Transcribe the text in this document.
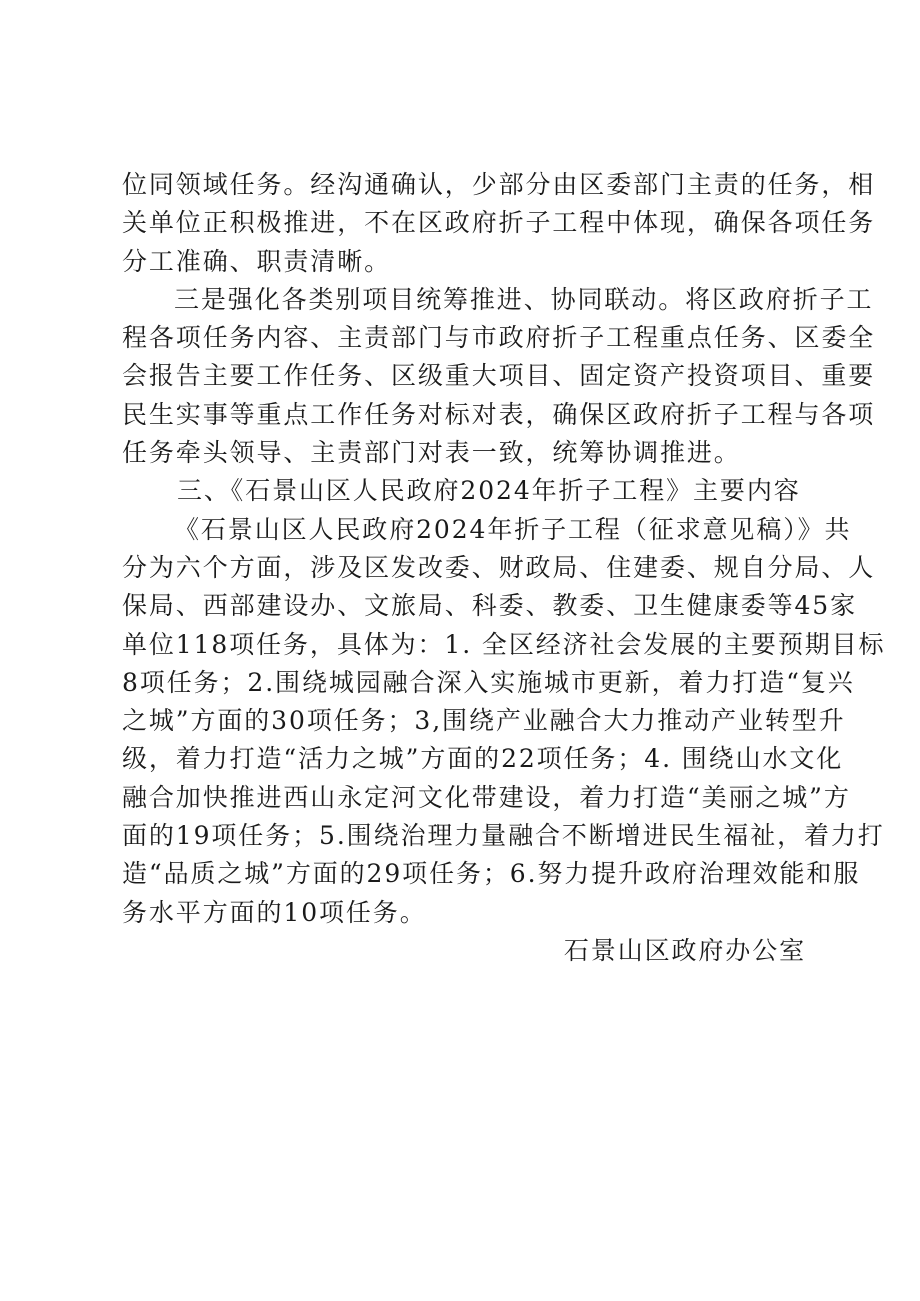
位同领域任务。经沟通确认，少部分由区委部门主责的任务，相
关单位正积极推进，不在区政府折子工程中体现，确保各项任务
分工准确、职责清晰。
三是强化各类别项目统筹推进、协同联动。将区政府折子工
程各项任务内容、主责部门与市政府折子工程重点任务、区委全
会报告主要工作任务、区级重大项目、固定资产投资项目、重要
民生实事等重点工作任务对标对表，确保区政府折子工程与各项
任务牵头领导、主责部门对表一致，统筹协调推进。
三、《石景山区人民政府2024年折子工程》主要内容
《石景山区人民政府2024年折子工程（征求意见稿）》共
分为六个方面，涉及区发改委、财政局、住建委、规自分局、人
保局、西部建设办、文旅局、科委、教委、卫生健康委等45家
单位118项任务，具体为：1. 全区经济社会发展的主要预期目标
8项任务；2.围绕城园融合深入实施城市更新，着力打造“复兴
之城”方面的30项任务；3,围绕产业融合大力推动产业转型升
级，着力打造“活力之城”方面的22项任务；4. 围绕山水文化
融合加快推进西山永定河文化带建设，着力打造“美丽之城”方
面的19项任务；5.围绕治理力量融合不断增进民生福祉，着力打
造“品质之城”方面的29项任务；6.努力提升政府治理效能和服
务水平方面的10项任务。
石景山区政府办公室
